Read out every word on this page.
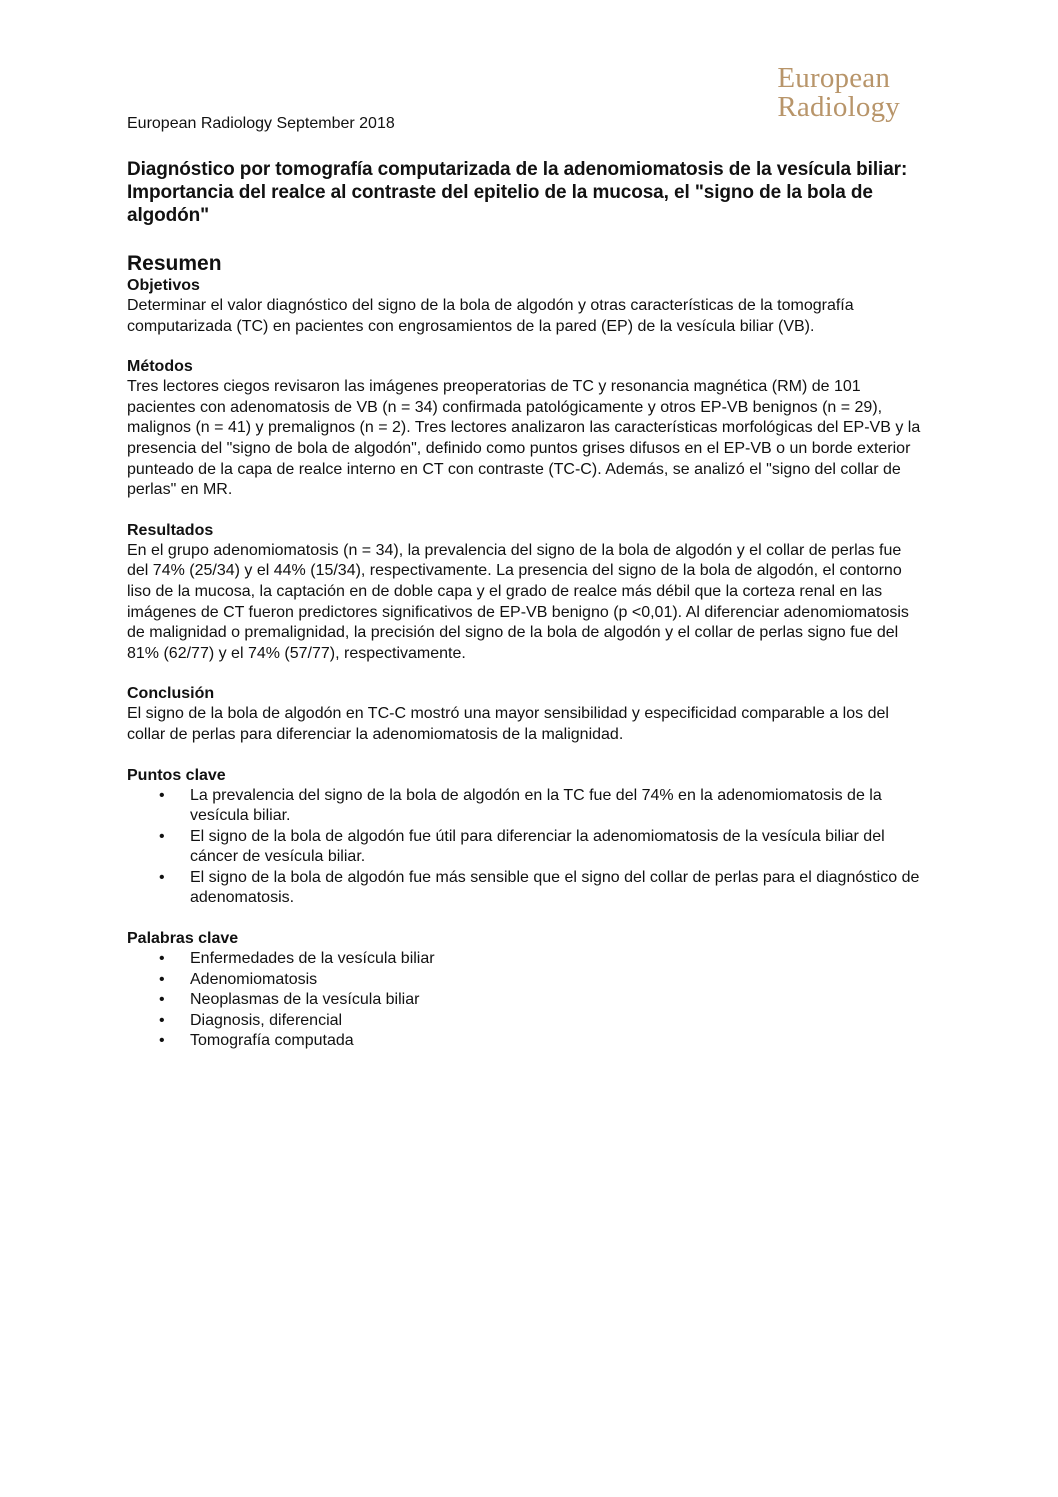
European
Radiology
European Radiology September 2018
Diagnóstico por tomografía computarizada de la adenomiomatosis de la vesícula biliar: Importancia del realce al contraste del epitelio de la mucosa, el "signo de la bola de algodón"
Resumen
Objetivos

Determinar el valor diagnóstico del signo de la bola de algodón y otras características de la tomografía computarizada (TC) en pacientes con engrosamientos de la pared (EP) de la vesícula biliar (VB).

Métodos

Tres lectores ciegos revisaron las imágenes preoperatorias de TC y resonancia magnética (RM) de 101 pacientes con adenomatosis de VB (n = 34) confirmada patológicamente y otros EP-VB benignos (n = 29), malignos (n = 41) y premalignos (n = 2). Tres lectores analizaron las características morfológicas del EP-VB y la presencia del "signo de bola de algodón", definido como puntos grises difusos en el EP-VB o un borde exterior punteado de la capa de realce interno en CT con contraste (TC-C). Además, se analizó el "signo del collar de perlas" en MR.

Resultados

En el grupo adenomiomatosis (n = 34), la prevalencia del signo de la bola de algodón y el collar de perlas fue del 74% (25/34) y el 44% (15/34), respectivamente. La presencia del signo de la bola de algodón, el contorno liso de la mucosa, la captación en de doble capa y el grado de realce más débil que la corteza renal en las imágenes de CT fueron predictores significativos de EP-VB benigno (p <0,01). Al diferenciar adenomiomatosis de malignidad o premalignidad, la precisión del signo de la bola de algodón y el collar de perlas signo fue del 81% (62/77) y el 74% (57/77), respectivamente.

Conclusión

El signo de la bola de algodón en TC-C mostró una mayor sensibilidad y especificidad comparable a los del collar de perlas para diferenciar la adenomiomatosis de la malignidad.

Puntos clave
• La prevalencia del signo de la bola de algodón en la TC fue del 74% en la adenomiomatosis de la vesícula biliar.
• El signo de la bola de algodón fue útil para diferenciar la adenomiomatosis de la vesícula biliar del cáncer de vesícula biliar.
• El signo de la bola de algodón fue más sensible que el signo del collar de perlas para el diagnóstico de adenomatosis.
Palabras clave
• Enfermedades de la vesícula biliar
• Adenomiomatosis
• Neoplasmas de la vesícula biliar
• Diagnosis, diferencial
• Tomografía computada
